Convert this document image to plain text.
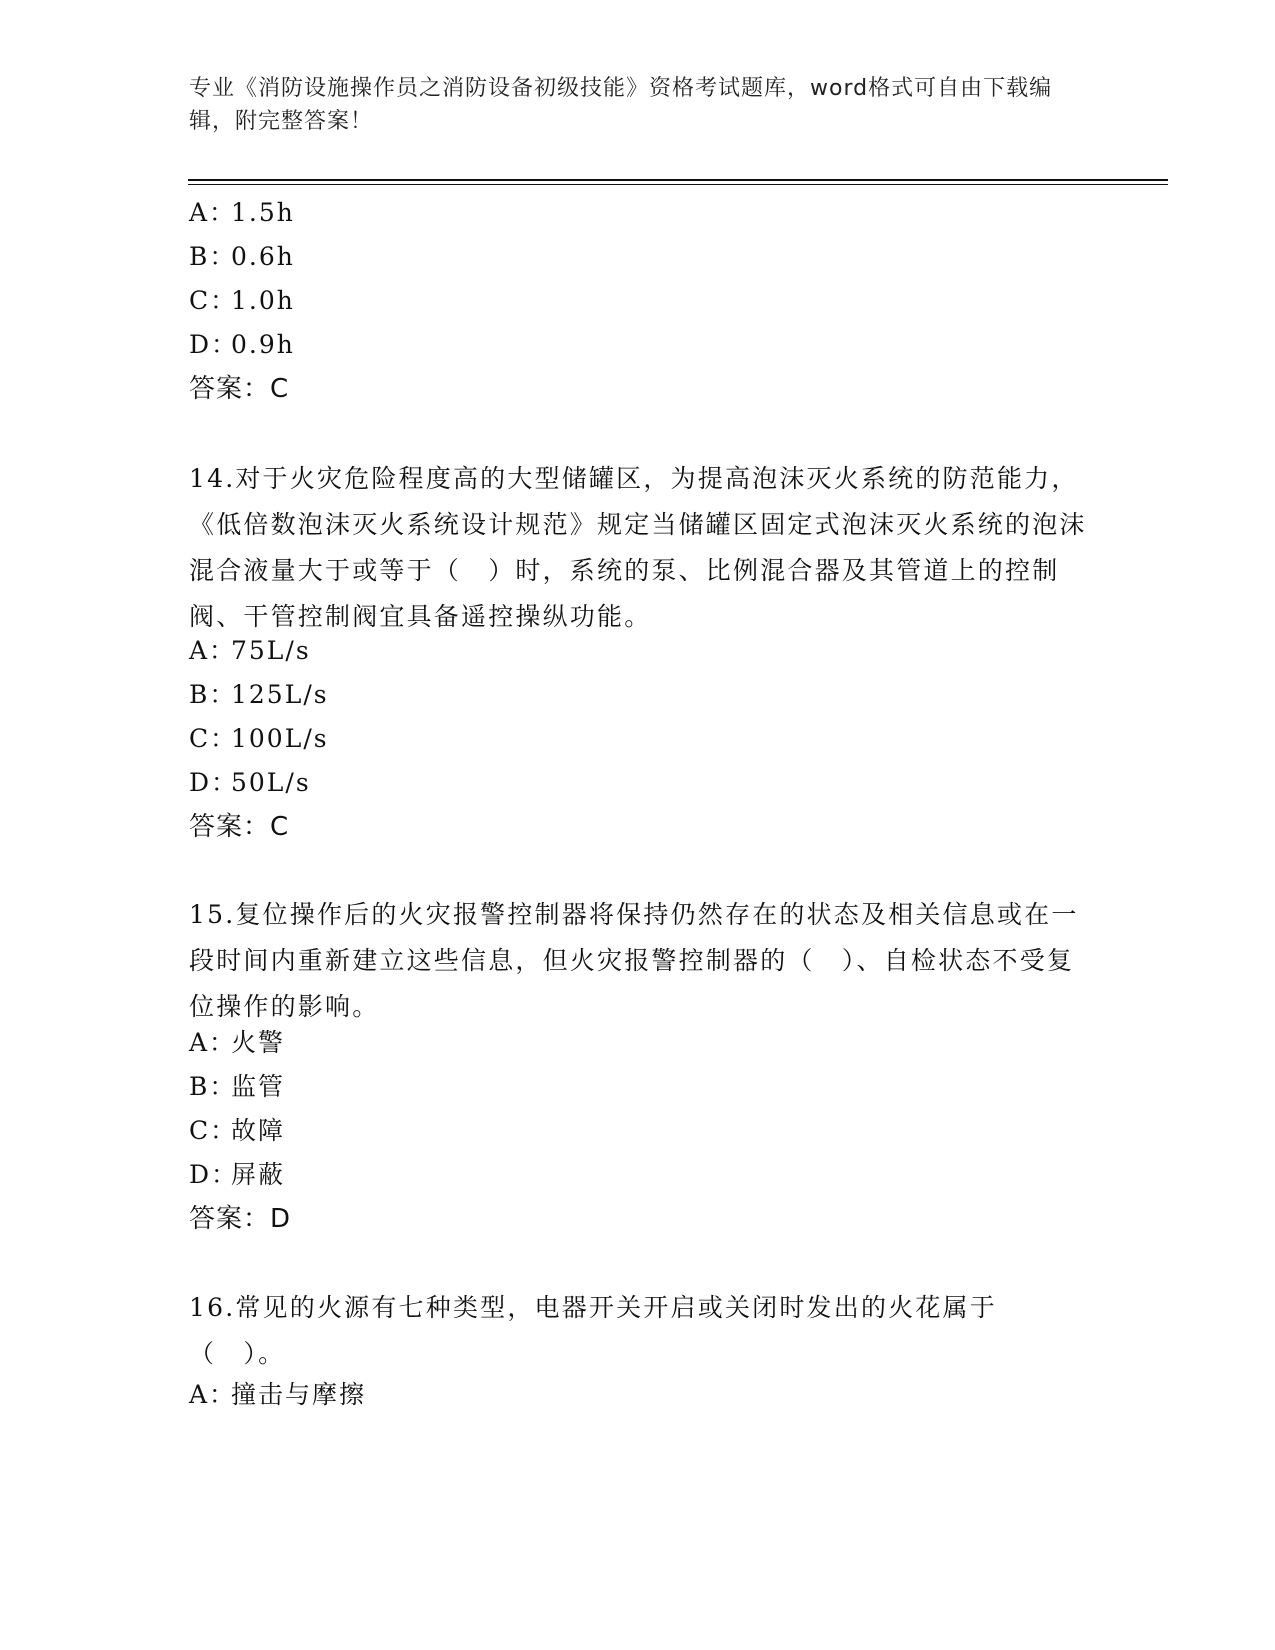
专业《消防设施操作员之消防设备初级技能》资格考试题库，word格式可自由下载编辑，附完整答案！
A：1.5h
B：0.6h
C：1.0h
D：0.9h
答案：C
14.对于火灾危险程度高的大型储罐区，为提高泡沫灭火系统的防范能力，《低倍数泡沫灭火系统设计规范》规定当储罐区固定式泡沫灭火系统的泡沫混合液量大于或等于（　）时，系统的泵、比例混合器及其管道上的控制阀、干管控制阀宜具备遥控操纵功能。
A：75L/s
B：125L/s
C：100L/s
D：50L/s
答案：C
15.复位操作后的火灾报警控制器将保持仍然存在的状态及相关信息或在一段时间内重新建立这些信息，但火灾报警控制器的（　）、自检状态不受复位操作的影响。
A：火警
B：监管
C：故障
D：屏蔽
答案：D
16.常见的火源有七种类型，电器开关开启或关闭时发出的火花属于（　）。
A：撞击与摩擦
